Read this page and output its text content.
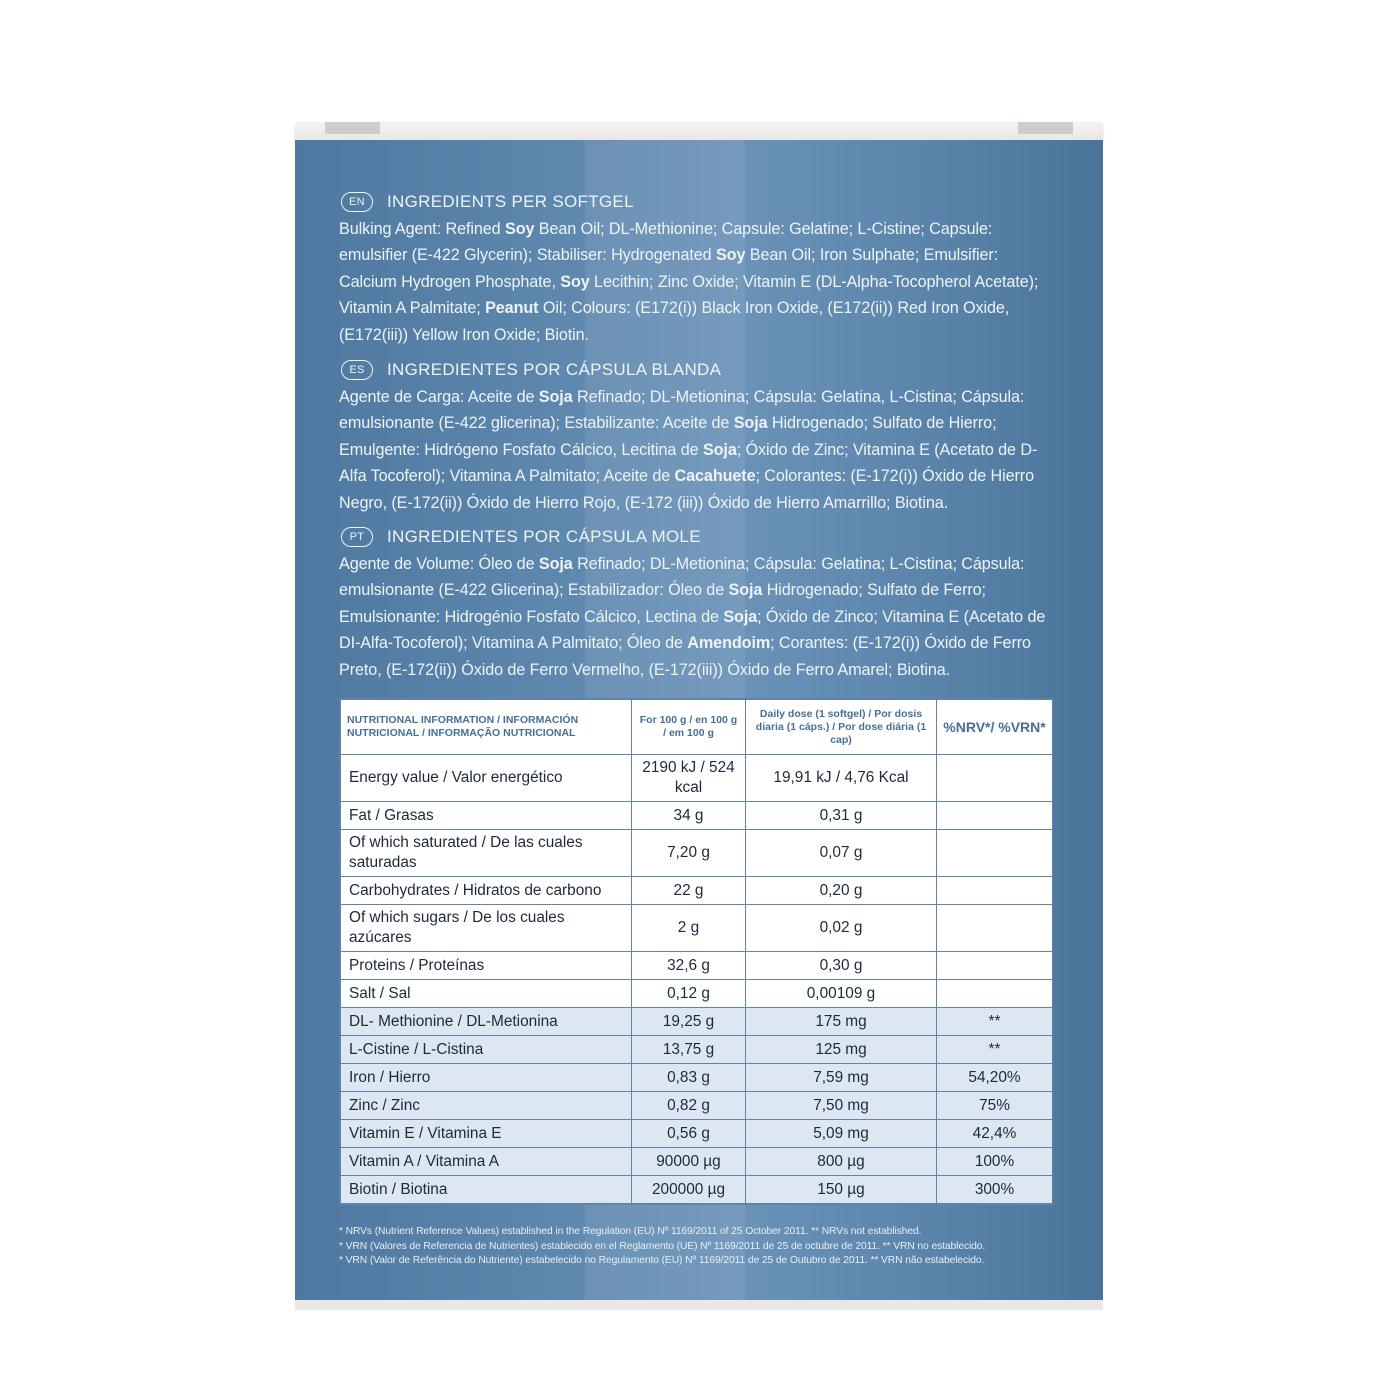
EN	INGREDIENTS PER SOFTGEL

Bulking Agent: Refined Soy Bean Oil; DL-Methionine; Capsule: Gelatine; L-Cistine; Capsule: emulsifier (E-422 Glycerin); Stabiliser: Hydrogenated Soy Bean Oil; Iron Sulphate; Emulsifier: Calcium Hydrogen Phosphate, Soy Lecithin; Zinc Oxide; Vitamin E (DL-Alpha-Tocopherol Acetate); Vitamin A Palmitate; Peanut Oil; Colours: (E172(i)) Black Iron Oxide, (E172(ii)) Red Iron Oxide, (E172(iii)) Yellow Iron Oxide; Biotin.

ES	INGREDIENTES POR CÁPSULA BLANDA

Agente de Carga: Aceite de Soja Refinado; DL-Metionina; Cápsula: Gelatina, L-Cistina; Cápsula: emulsionante (E-422 glicerina); Estabilizante: Aceite de Soja Hidrogenado; Sulfato de Hierro; Emulgente: Hidrógeno Fosfato Cálcico, Lecitina de Soja; Óxido de Zinc; Vitamina E (Acetato de D-Alfa Tocoferol); Vitamina A Palmitato; Aceite de Cacahuete; Colorantes: (E-172(i)) Óxido de Hierro Negro, (E-172(ii)) Óxido de Hierro Rojo, (E-172 (iii)) Óxido de Hierro Amarrillo; Biotina.

PT	INGREDIENTES POR CÁPSULA MOLE

Agente de Volume: Óleo de Soja Refinado; DL-Metionina; Cápsula: Gelatina; L-Cistina; Cápsula: emulsionante (E-422 Glicerina); Estabilizador: Óleo de Soja Hidrogenado; Sulfato de Ferro; Emulsionante: Hidrogénio Fosfato Cálcico, Lectina de Soja; Óxido de Zinco; Vitamina E (Acetato de DI-Alfa-Tocoferol); Vitamina A Palmitato; Óleo de Amendoim; Corantes: (E-172(i)) Óxido de Ferro Preto, (E-172(ii)) Óxido de Ferro Vermelho, (E-172(iii)) Óxido de Ferro Amarel; Biotina.

NUTRITIONAL INFORMATION / INFORMACIÓN NUTRICIONAL / INFORMAÇÃO NUTRICIONAL	For 100 g / en 100 g / em 100 g	Daily dose (1 softgel) / Por dosis diaria (1 cáps.) / Por dose diária (1 cap)	%NRV*/ %VRN*
Energy value / Valor energético	2190 kJ / 524 kcal	19,91 kJ / 4,76 Kcal	
Fat / Grasas	34 g	0,31 g	
Of which saturated / De las cuales saturadas	7,20 g	0,07 g	
Carbohydrates / Hidratos de carbono	22 g	0,20 g	
Of which sugars / De los cuales azúcares	2 g	0,02 g	
Proteins / Proteínas	32,6 g	0,30 g	
Salt / Sal	0,12 g	0,00109 g	
DL- Methionine / DL-Metionina	19,25 g	175 mg	**
L-Cistine / L-Cistina	13,75 g	125 mg	**
Iron / Hierro	0,83 g	7,59 mg	54,20%
Zinc / Zinc	0,82 g	7,50 mg	75%
Vitamin E / Vitamina E	0,56 g	5,09 mg	42,4%
Vitamin A / Vitamina A	90000 µg	800 µg	100%
Biotin / Biotina	200000 µg	150 µg	300%
* NRVs (Nutrient Reference Values) established in the Regulation (EU) Nº 1169/2011 of 25 October 2011. ** NRVs not established.
* VRN (Valores de Referencia de Nutrientes) establecido en el Reglamento (UE) Nº 1169/2011 de 25 de octubre de 2011. ** VRN no establecido.
* VRN (Valor de Referência do Nutriente) estabelecido no Regulamento (EU) Nº 1169/2011 de 25 de Outubro de 2011. ** VRN não estabelecido.
